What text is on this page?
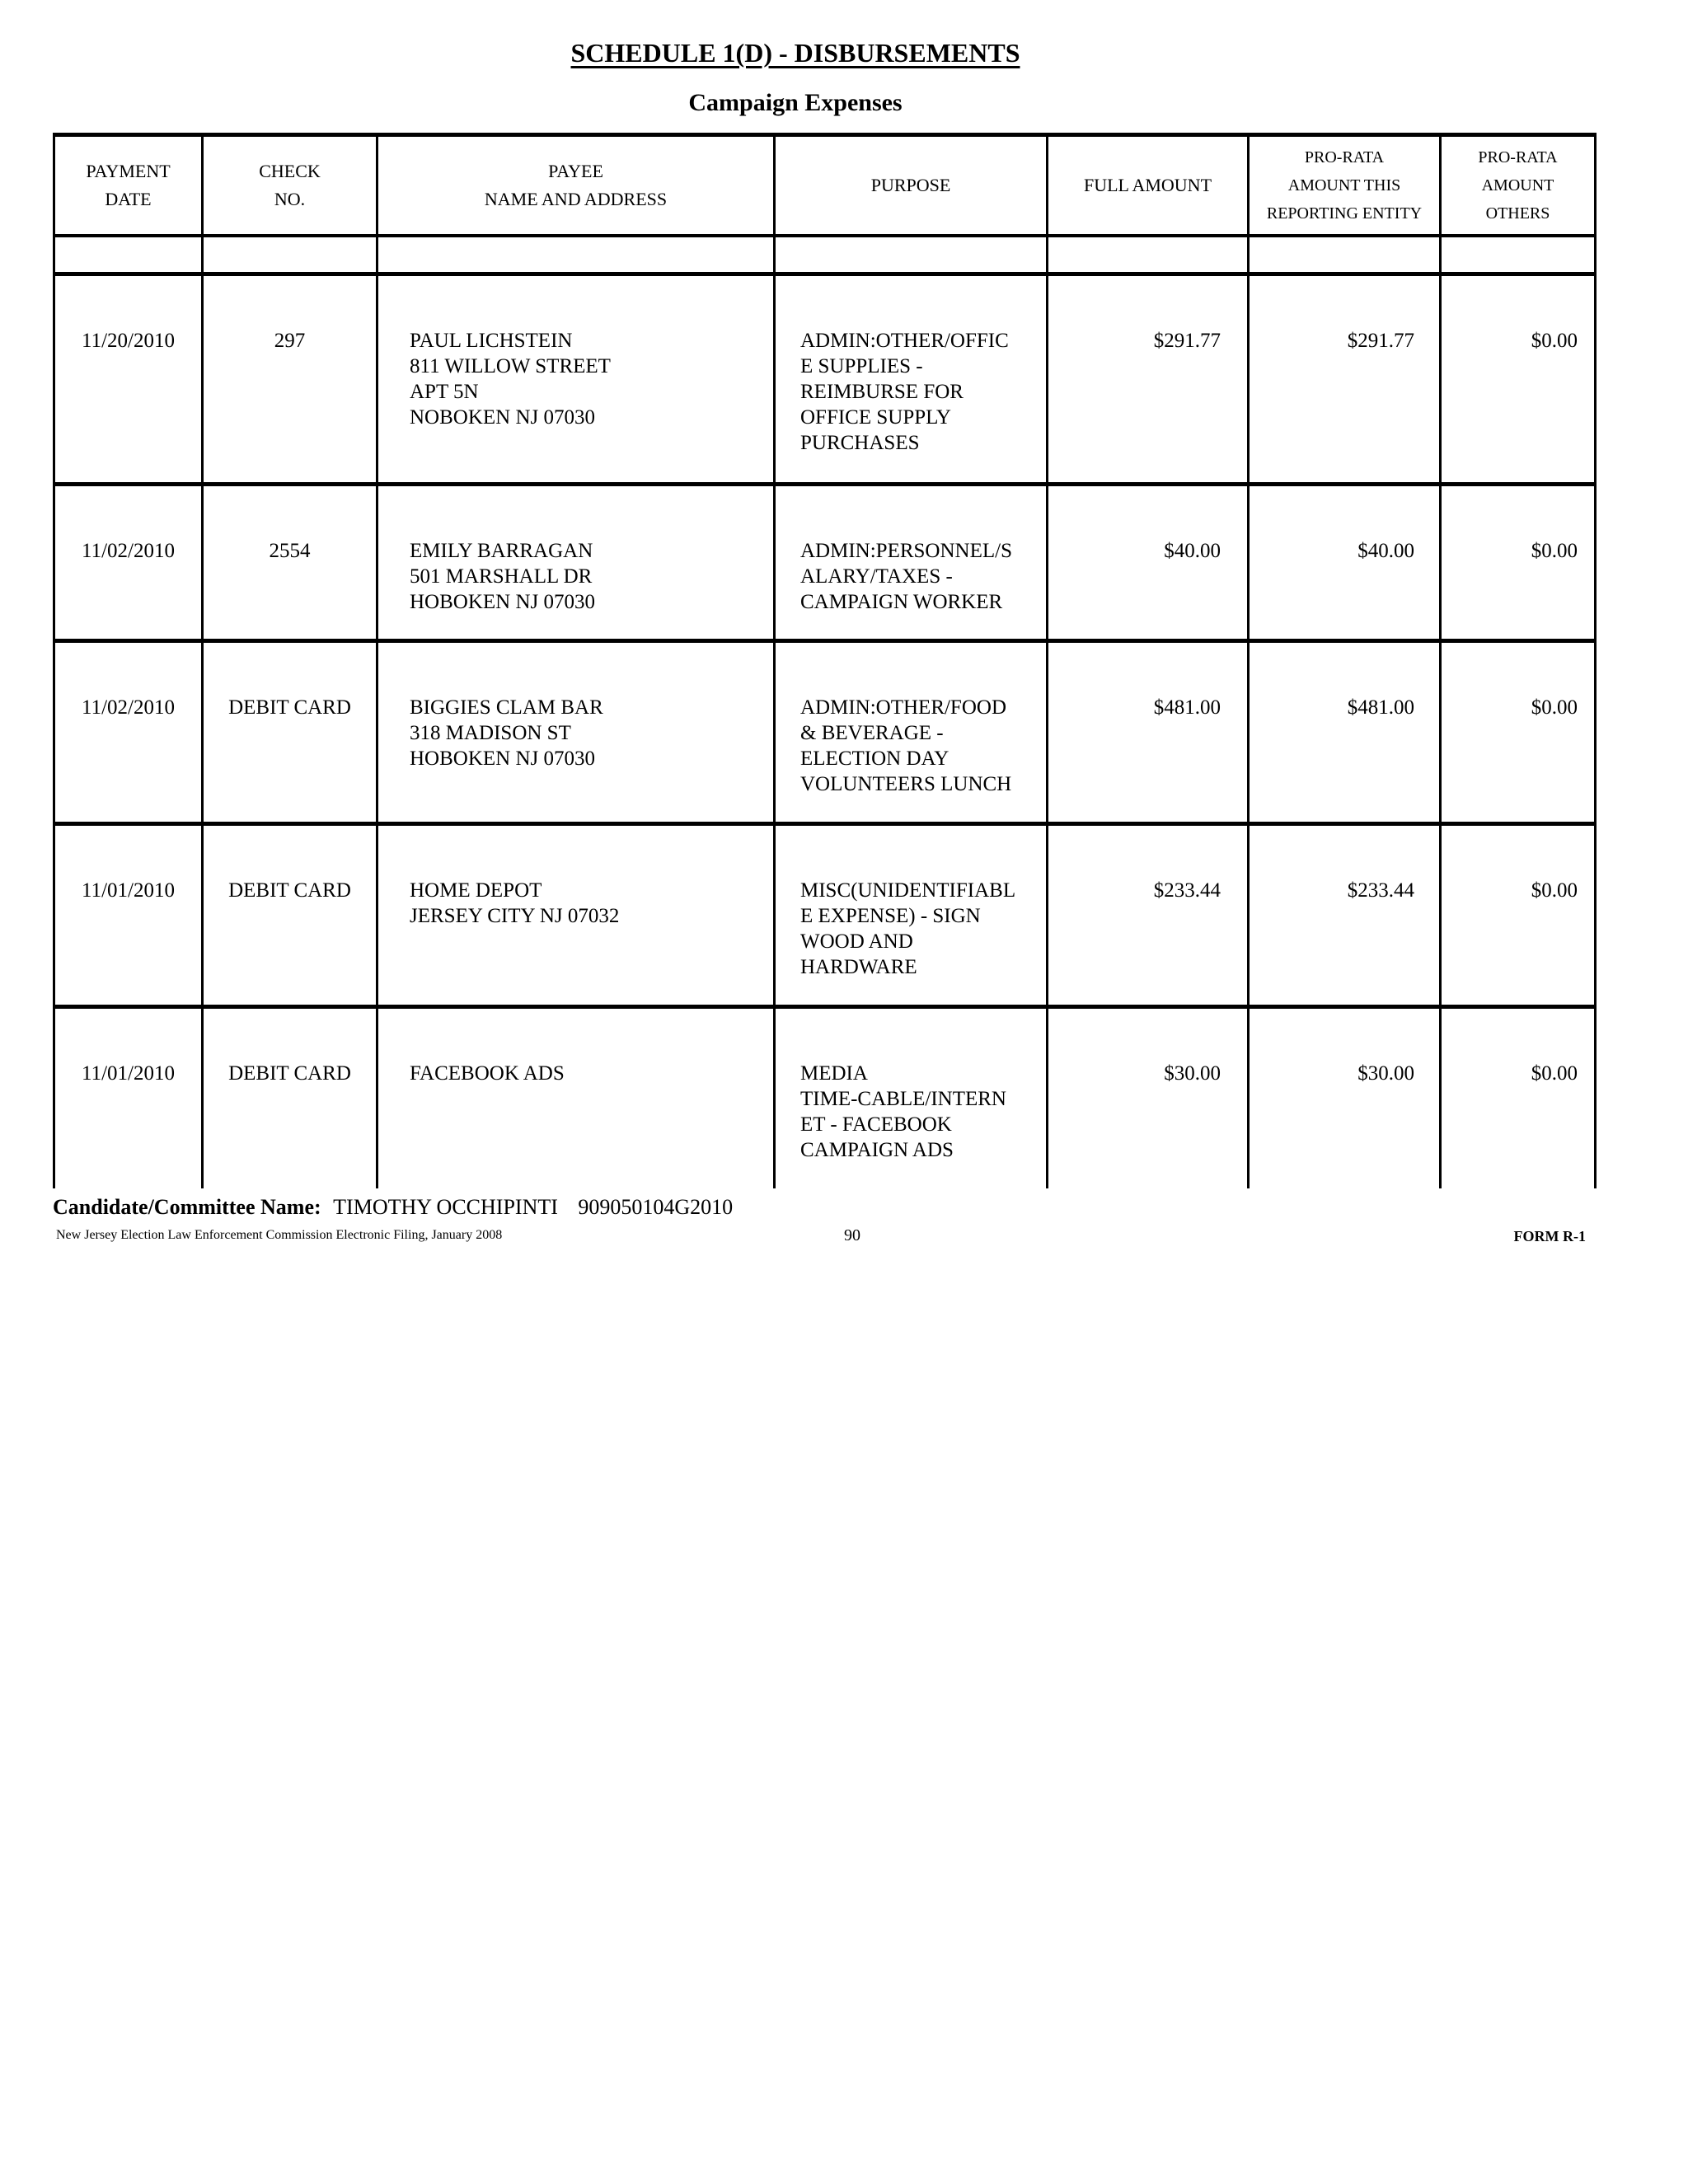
SCHEDULE 1(D) - DISBURSEMENTS
Campaign Expenses
PAYMENT
DATE	CHECK
NO.	PAYEE
NAME AND ADDRESS	PURPOSE	FULL AMOUNT	PRO-RATA
AMOUNT THIS
REPORTING ENTITY	PRO-RATA
AMOUNT
OTHERS

11/20/2010	297	PAUL LICHSTEIN
811 WILLOW STREET
APT 5N
NOBOKEN NJ 07030	ADMIN:OTHER/OFFIC
E SUPPLIES -
REIMBURSE FOR
OFFICE SUPPLY
PURCHASES	$291.77	$291.77	$0.00
11/02/2010	2554	EMILY BARRAGAN
501 MARSHALL DR
HOBOKEN NJ 07030	ADMIN:PERSONNEL/S
ALARY/TAXES -
CAMPAIGN WORKER	$40.00	$40.00	$0.00
11/02/2010	DEBIT CARD	BIGGIES CLAM BAR
318 MADISON ST
HOBOKEN NJ 07030	ADMIN:OTHER/FOOD
& BEVERAGE -
ELECTION DAY
VOLUNTEERS LUNCH	$481.00	$481.00	$0.00
11/01/2010	DEBIT CARD	HOME DEPOT
JERSEY CITY NJ 07032	MISC(UNIDENTIFIABL
E EXPENSE) - SIGN
WOOD AND
HARDWARE	$233.44	$233.44	$0.00
11/01/2010	DEBIT CARD	FACEBOOK ADS	MEDIA
TIME-CABLE/INTERN
ET - FACEBOOK
CAMPAIGN ADS	$30.00	$30.00	$0.00
Candidate/Committee Name: TIMOTHY OCCHIPINTI 909050104G2010
New Jersey Election Law Enforcement Commission Electronic Filing, January 2008	90	FORM R-1
